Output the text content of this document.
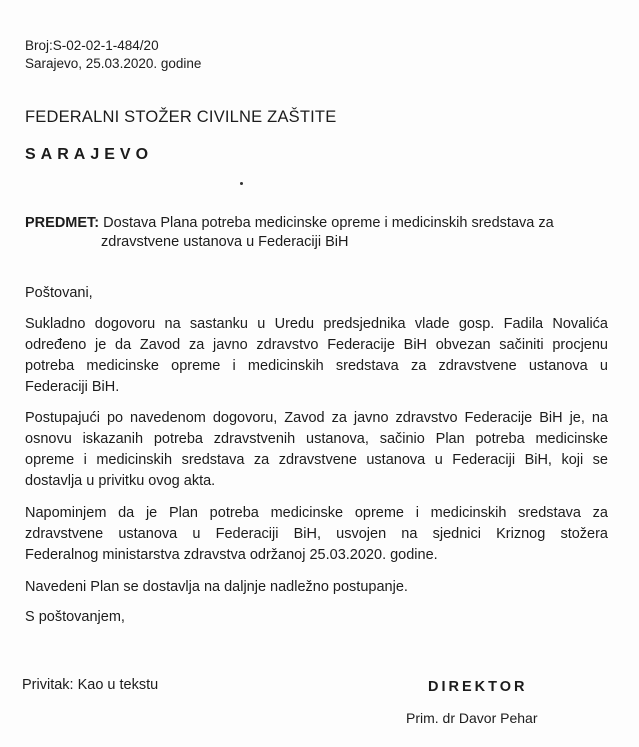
Broj:S-02-02-1-484/20
Sarajevo, 25.03.2020. godine
FEDERALNI STOŽER CIVILNE ZAŠTITE
SARAJEVO
PREDMET: Dostava Plana potreba medicinske opreme i medicinskih sredstava za
zdravstvene ustanova u Federaciji BiH
Poštovani,
Sukladno dogovoru na sastanku u Uredu predsjednika vlade gosp. Fadila Novalića
određeno je da Zavod za javno zdravstvo Federacije BiH obvezan sačiniti procjenu
potreba medicinske opreme i medicinskih sredstava za zdravstvene ustanova u
Federaciji BiH.
Postupajući po navedenom dogovoru, Zavod za javno zdravstvo Federacije BiH je, na
osnovu iskazanih potreba zdravstvenih ustanova, sačinio Plan potreba medicinske
opreme i medicinskih sredstava za zdravstvene ustanova u Federaciji BiH, koji se
dostavlja u privitku ovog akta.
Napominjem da je Plan potreba medicinske opreme i medicinskih sredstava za
zdravstvene ustanova u Federaciji BiH, usvojen na sjednici Kriznog stožera
Federalnog ministarstva zdravstva održanoj 25.03.2020. godine.
Navedeni Plan se dostavlja na daljnje nadležno postupanje.
S poštovanjem,
Privitak: Kao u tekstu	DIREKTOR
Prim. dr Davor Pehar
